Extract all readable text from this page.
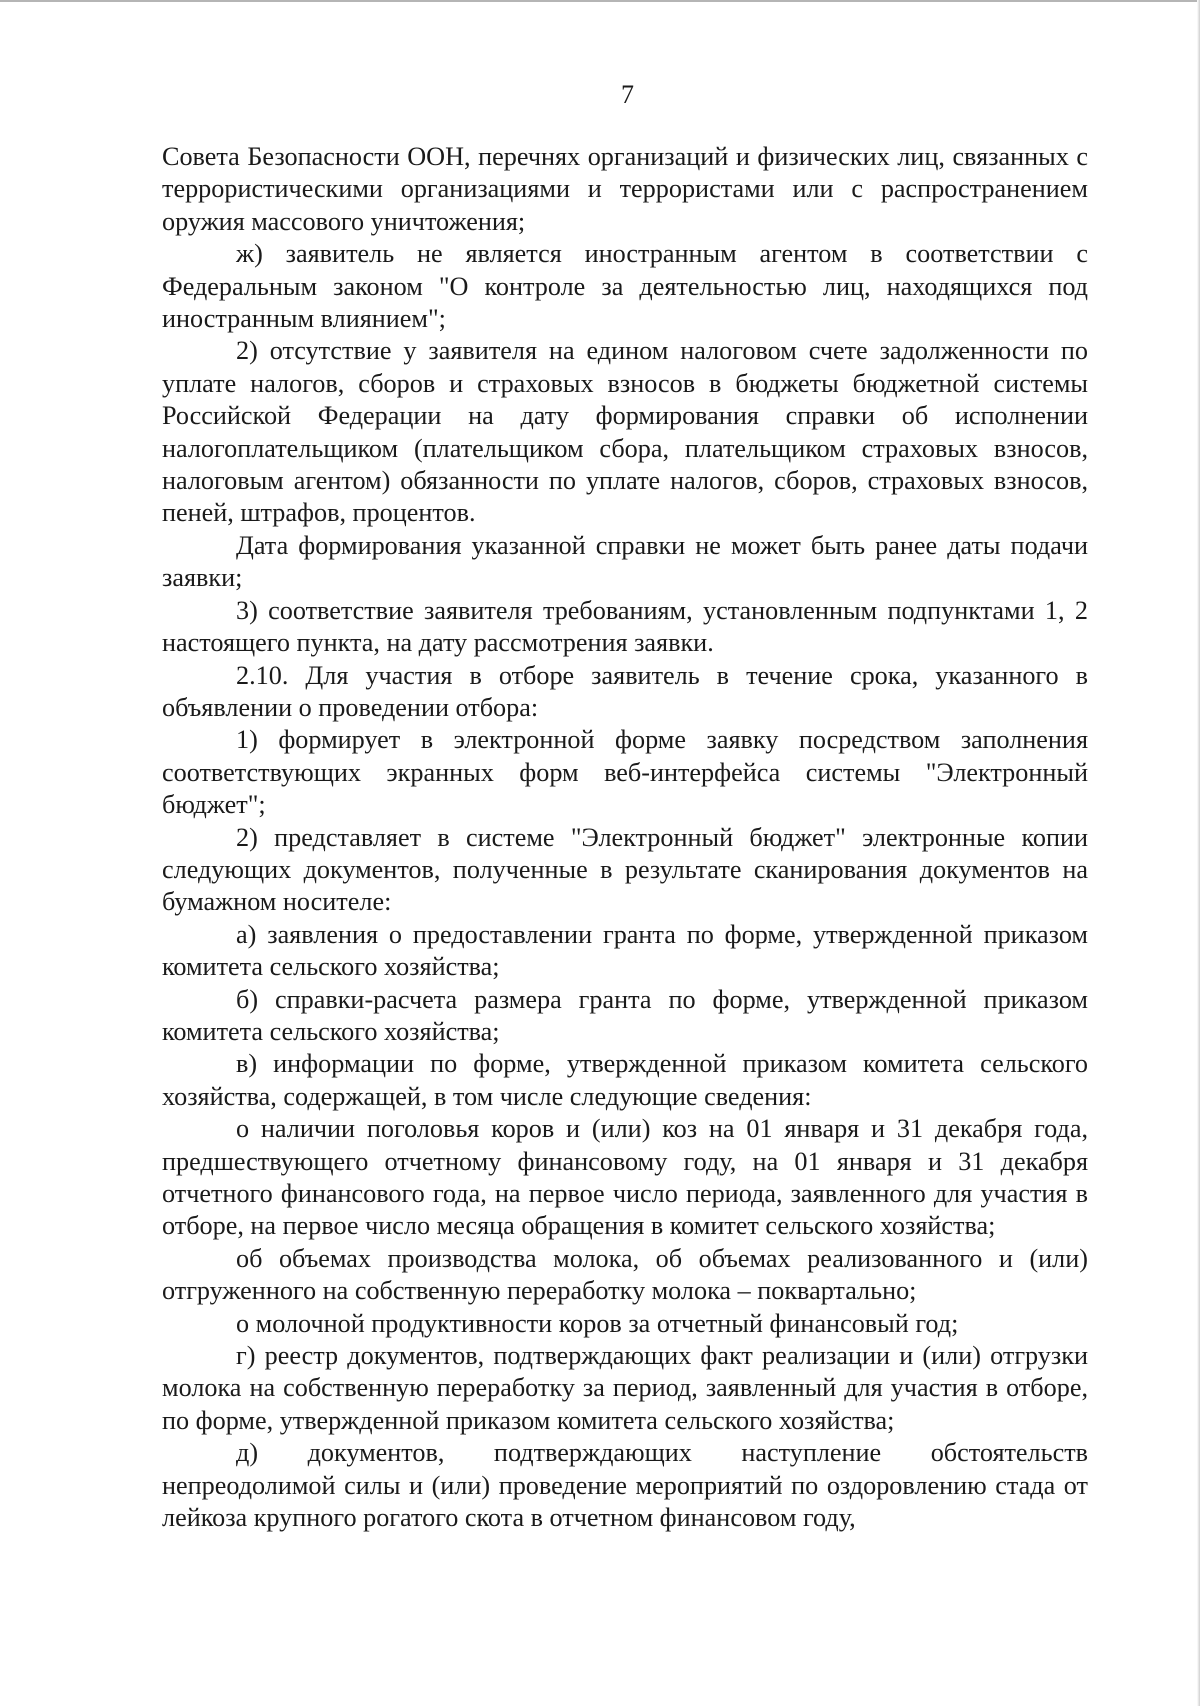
7

Совета Безопасности ООН, перечнях организаций и физических лиц, связанных с террористическими организациями и террористами или с распространением оружия массового уничтожения;

ж) заявитель не является иностранным агентом в соответствии с Федеральным законом "О контроле за деятельностью лиц, находящихся под иностранным влиянием";

2) отсутствие у заявителя на едином налоговом счете задолженности по уплате налогов, сборов и страховых взносов в бюджеты бюджетной системы Российской Федерации на дату формирования справки об исполнении налогоплательщиком (плательщиком сбора, плательщиком страховых взносов, налоговым агентом) обязанности по уплате налогов, сборов, страховых взносов, пеней, штрафов, процентов.

Дата формирования указанной справки не может быть ранее даты подачи заявки;

3) соответствие заявителя требованиям, установленным подпунктами 1, 2 настоящего пункта, на дату рассмотрения заявки.

2.10. Для участия в отборе заявитель в течение срока, указанного в объявлении о проведении отбора:

1) формирует в электронной форме заявку посредством заполнения соответствующих экранных форм веб-интерфейса системы "Электронный бюджет";

2) представляет в системе "Электронный бюджет" электронные копии следующих документов, полученные в результате сканирования документов на бумажном носителе:

а) заявления о предоставлении гранта по форме, утвержденной приказом комитета сельского хозяйства;

б) справки-расчета размера гранта по форме, утвержденной приказом комитета сельского хозяйства;

в) информации по форме, утвержденной приказом комитета сельского хозяйства, содержащей, в том числе следующие сведения:

о наличии поголовья коров и (или) коз на 01 января и 31 декабря года, предшествующего отчетному финансовому году, на 01 января и 31 декабря отчетного финансового года, на первое число периода, заявленного для участия в отборе, на первое число месяца обращения в комитет сельского хозяйства;

об объемах производства молока, об объемах реализованного и (или) отгруженного на собственную переработку молока – поквартально;

о молочной продуктивности коров за отчетный финансовый год;

г) реестр документов, подтверждающих факт реализации и (или) отгрузки молока на собственную переработку за период, заявленный для участия в отборе, по форме, утвержденной приказом комитета сельского хозяйства;

д) документов, подтверждающих наступление обстоятельств непреодолимой силы и (или) проведение мероприятий по оздоровлению стада от лейкоза крупного рогатого скота в отчетном финансовом году,
